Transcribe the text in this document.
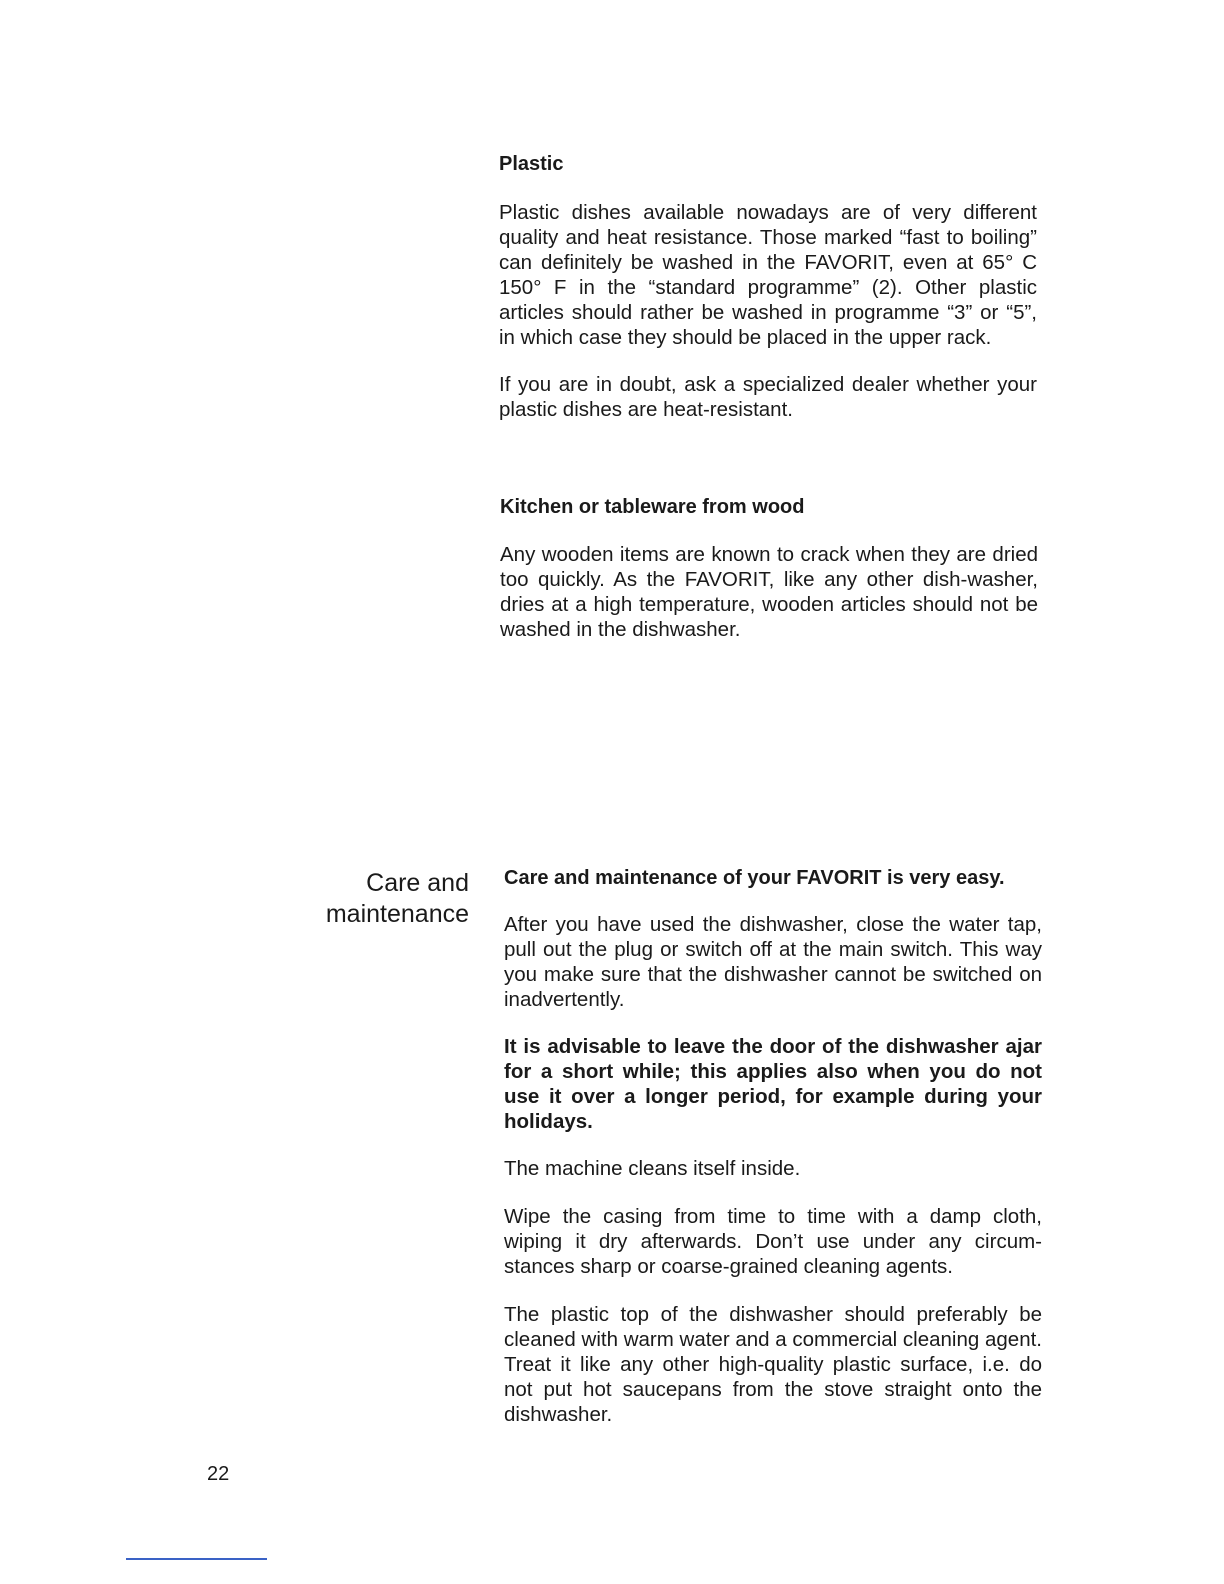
Plastic

Plastic dishes available nowadays are of very different quality and heat resistance. Those marked “fast to boiling” can definitely be washed in the FAVORIT, even at 65° C 150° F in the “standard programme” (2). Other plastic articles should rather be washed in programme “3” or “5”, in which case they should be placed in the upper rack.

If you are in doubt, ask a specialized dealer whether your plastic dishes are heat-resistant.

Kitchen or tableware from wood

Any wooden items are known to crack when they are dried too quickly. As the FAVORIT, like any other dish-washer, dries at a high temperature, wooden articles should not be washed in the dishwasher.

Care and
maintenance
Care and maintenance of your FAVORIT is very easy.

After you have used the dishwasher, close the water tap, pull out the plug or switch off at the main switch. This way you make sure that the dishwasher cannot be switched on inadvertently.

It is advisable to leave the door of the dishwasher ajar for a short while; this applies also when you do not use it over a longer period, for example during your holidays.

The machine cleans itself inside.

Wipe the casing from time to time with a damp cloth, wiping it dry afterwards. Don’t use under any circum-stances sharp or coarse-grained cleaning agents.

The plastic top of the dishwasher should preferably be cleaned with warm water and a commercial cleaning agent. Treat it like any other high-quality plastic surface, i.e. do not put hot saucepans from the stove straight onto the dishwasher.

22
